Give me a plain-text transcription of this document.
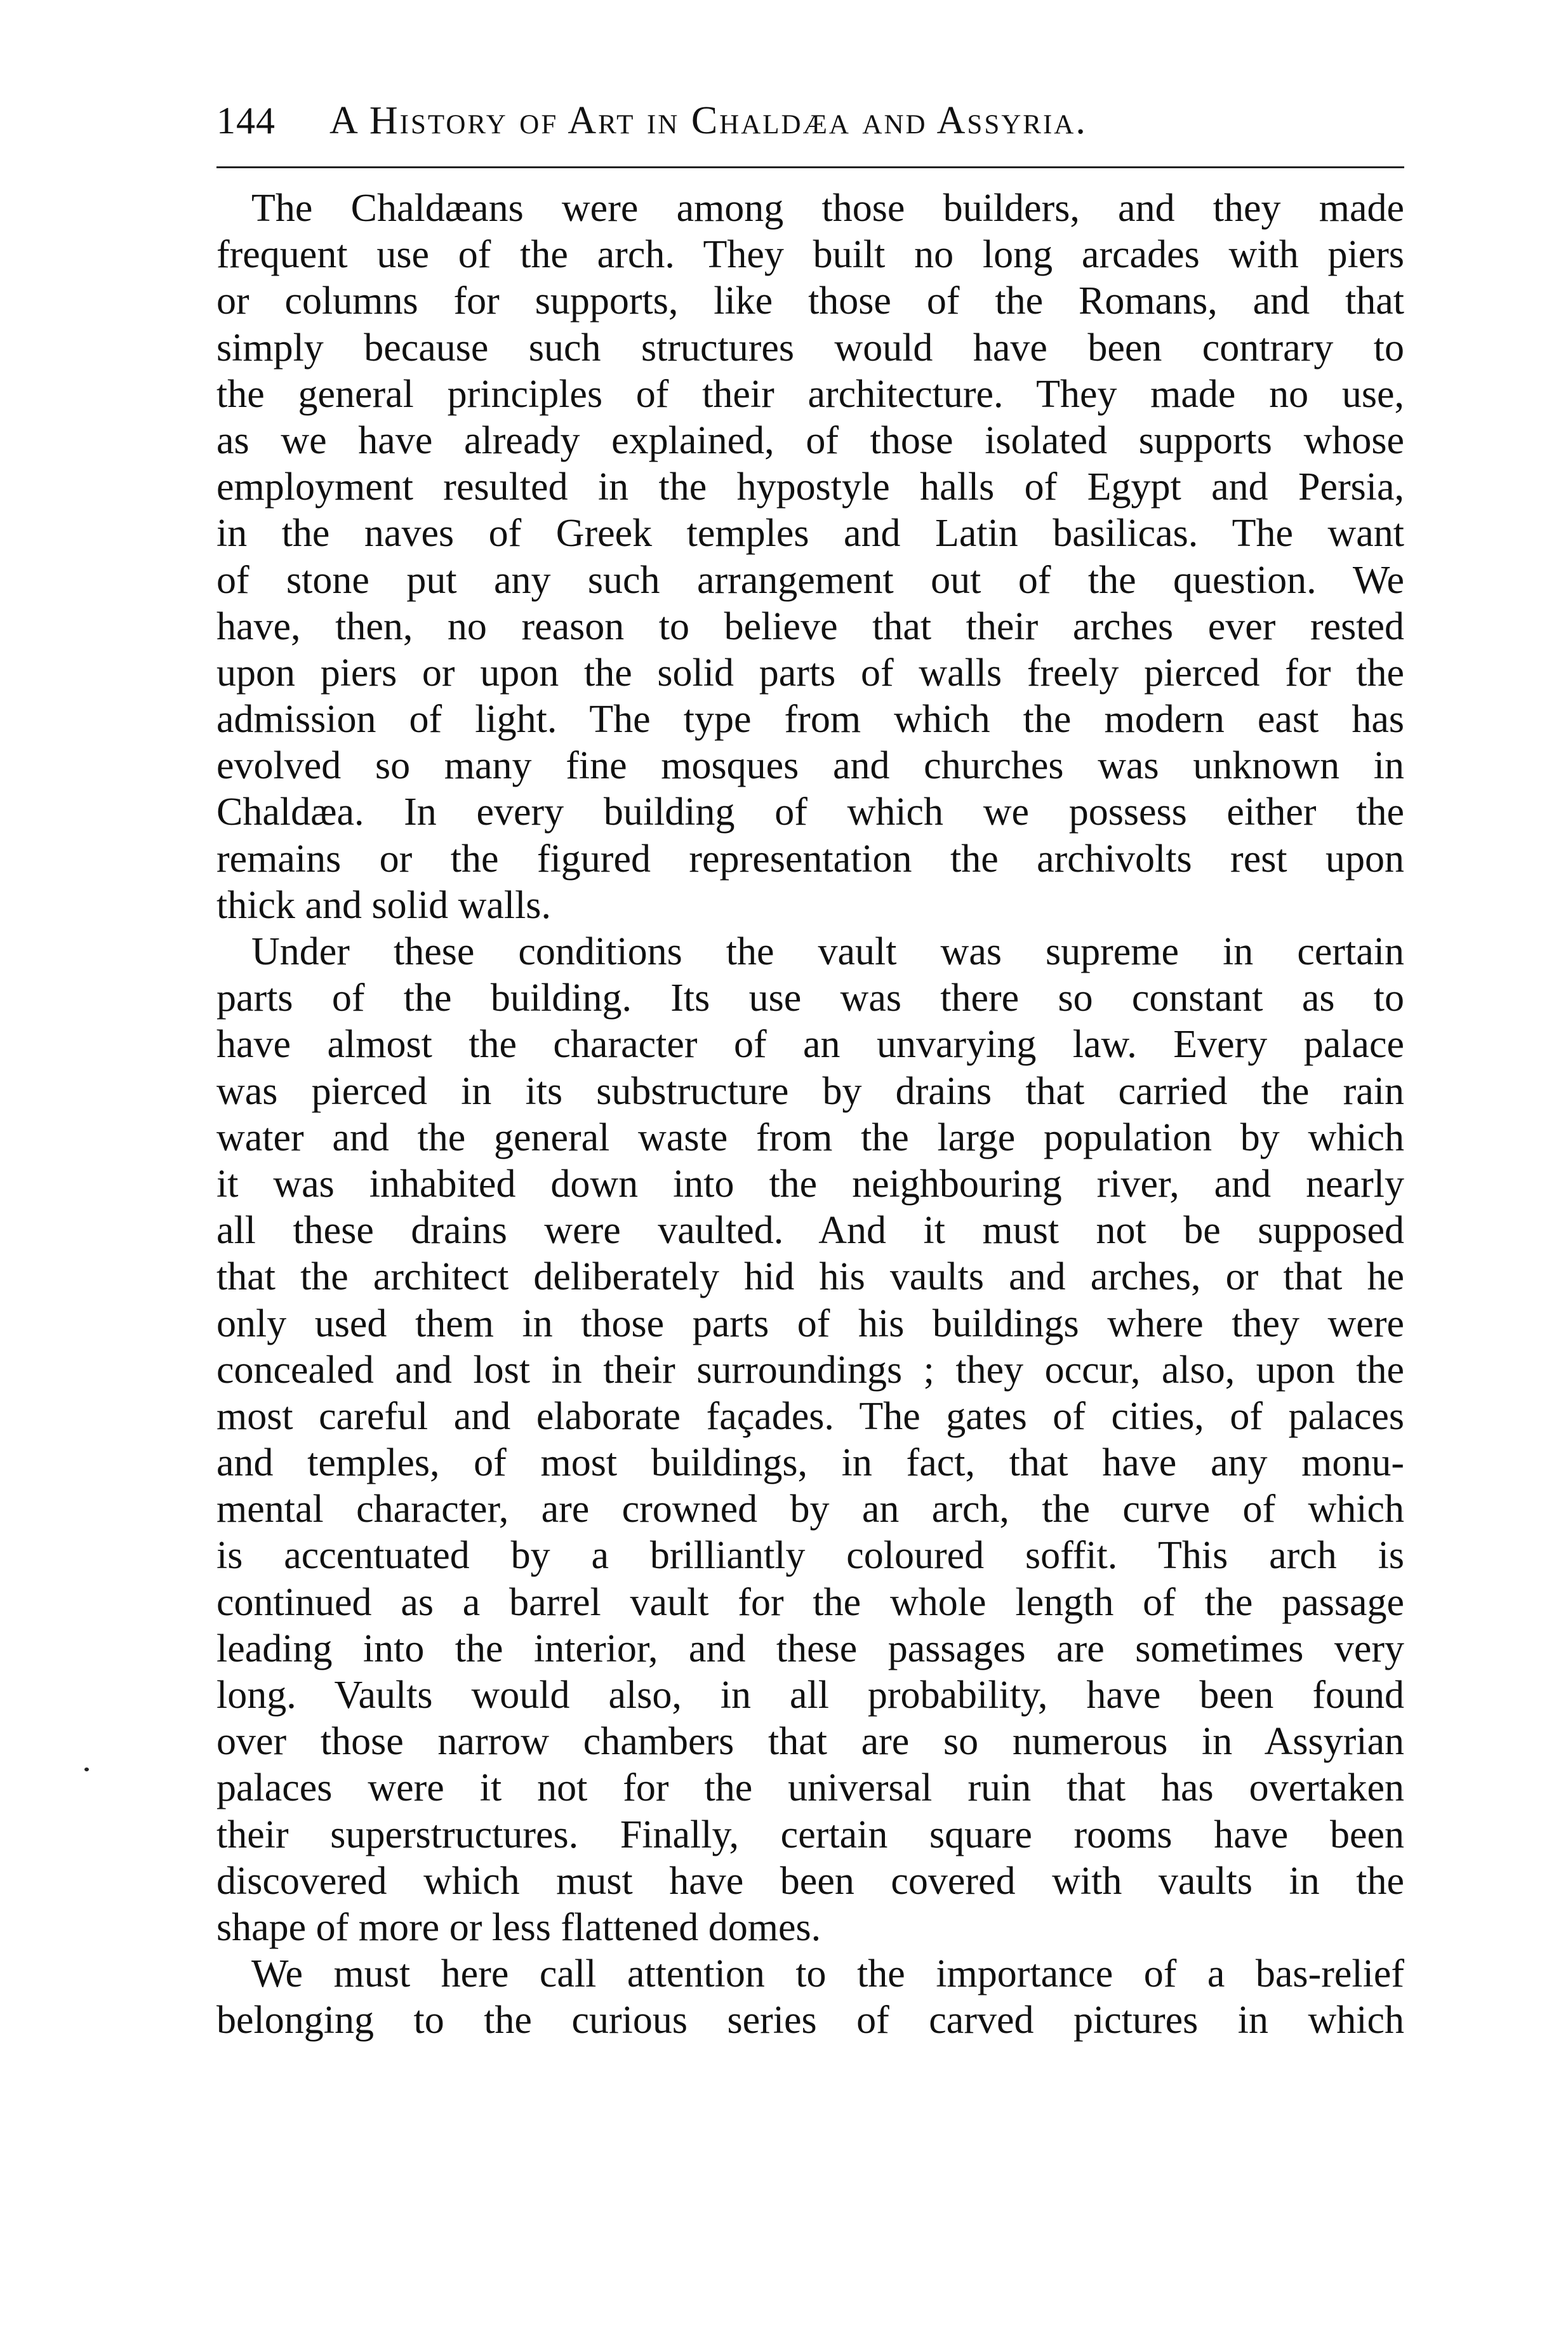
144 A History of Art in Chaldæa and Assyria.
The Chaldæans were among those builders, and they made
frequent use of the arch. They built no long arcades with piers
or columns for supports, like those of the Romans, and that
simply because such structures would have been contrary to
the general principles of their architecture. They made no use,
as we have already explained, of those isolated supports whose
employment resulted in the hypostyle halls of Egypt and Persia,
in the naves of Greek temples and Latin basilicas. The want
of stone put any such arrangement out of the question. We
have, then, no reason to believe that their arches ever rested
upon piers or upon the solid parts of walls freely pierced for the
admission of light. The type from which the modern east has
evolved so many fine mosques and churches was unknown in
Chaldæa. In every building of which we possess either the
remains or the figured representation the archivolts rest upon
thick and solid walls.
Under these conditions the vault was supreme in certain
parts of the building. Its use was there so constant as to
have almost the character of an unvarying law. Every palace
was pierced in its substructure by drains that carried the rain
water and the general waste from the large population by which
it was inhabited down into the neighbouring river, and nearly
all these drains were vaulted. And it must not be supposed
that the architect deliberately hid his vaults and arches, or that he
only used them in those parts of his buildings where they were
concealed and lost in their surroundings ; they occur, also, upon the
most careful and elaborate façades. The gates of cities, of palaces
and temples, of most buildings, in fact, that have any monu-
mental character, are crowned by an arch, the curve of which
is accentuated by a brilliantly coloured soffit. This arch is
continued as a barrel vault for the whole length of the passage
leading into the interior, and these passages are sometimes very
long. Vaults would also, in all probability, have been found
over those narrow chambers that are so numerous in Assyrian
palaces were it not for the universal ruin that has overtaken
their superstructures. Finally, certain square rooms have been
discovered which must have been covered with vaults in the
shape of more or less flattened domes.
We must here call attention to the importance of a bas-relief
belonging to the curious series of carved pictures in which
